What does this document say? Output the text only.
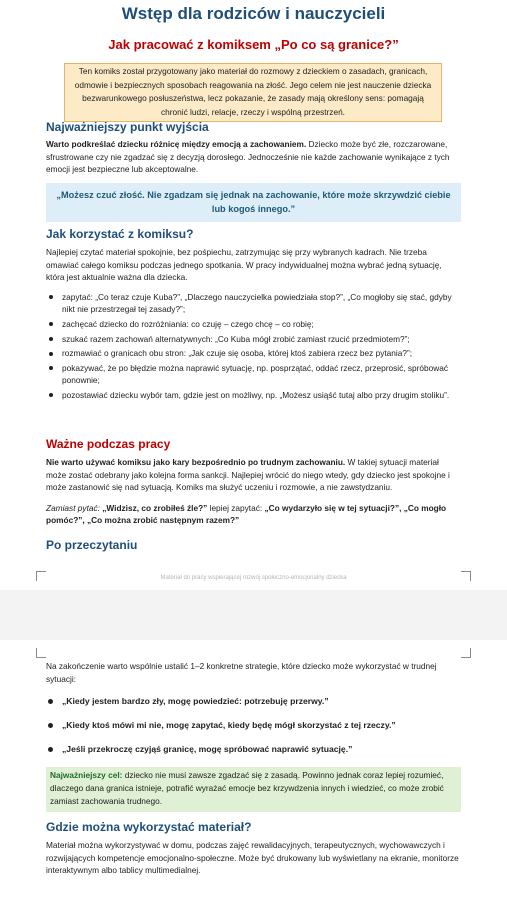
Wstęp dla rodziców i nauczycieli
Jak pracować z komiksem „Po co są granice?”
Ten komiks został przygotowany jako materiał do rozmowy z dzieckiem o zasadach, granicach, odmowie i bezpiecznych sposobach reagowania na złość. Jego celem nie jest nauczenie dziecka bezwarunkowego posłuszeństwa, lecz pokazanie, że zasady mają określony sens: pomagają chronić ludzi, relacje, rzeczy i wspólną przestrzeń.
Najważniejszy punkt wyjścia
Warto podkreślać dziecku różnicę między emocją a zachowaniem. Dziecko może być złe, rozczarowane, sfrustrowane czy nie zgadzać się z decyzją dorosłego. Jednocześnie nie każde zachowanie wynikające z tych emocji jest bezpieczne lub akceptowalne.
„Możesz czuć złość. Nie zgadzam się jednak na zachowanie, które może skrzywdzić ciebie lub kogoś innego.”
Jak korzystać z komiksu?
Najlepiej czytać materiał spokojnie, bez pośpiechu, zatrzymując się przy wybranych kadrach. Nie trzeba omawiać całego komiksu podczas jednego spotkania. W pracy indywidualnej można wybrać jedną sytuację, która jest aktualnie ważna dla dziecka.
zapytać: „Co teraz czuje Kuba?”, „Dlaczego nauczycielka powiedziała stop?”, „Co mogłoby się stać, gdyby nikt nie przestrzegał tej zasady?”;
zachęcać dziecko do rozróżniania: co czuję – czego chcę – co robię;
szukać razem zachowań alternatywnych: „Co Kuba mógł zrobić zamiast rzucić przedmiotem?”;
rozmawiać o granicach obu stron: „Jak czuje się osoba, której ktoś zabiera rzecz bez pytania?”;
pokazywać, że po błędzie można naprawić sytuację, np. posprzątać, oddać rzecz, przeprosić, spróbować ponownie;
pozostawiać dziecku wybór tam, gdzie jest on możliwy, np. „Możesz usiąść tutaj albo przy drugim stoliku”.
Ważne podczas pracy
Nie warto używać komiksu jako kary bezpośrednio po trudnym zachowaniu. W takiej sytuacji materiał może zostać odebrany jako kolejna forma sankcji. Najlepiej wrócić do niego wtedy, gdy dziecko jest spokojne i może zastanowić się nad sytuacją. Komiks ma służyć uczeniu i rozmowie, a nie zawstydzaniu.
Zamiast pytać: „Widzisz, co zrobiłeś źle?” lepiej zapytać: „Co wydarzyło się w tej sytuacji?”, „Co mogło pomóc?”, „Co można zrobić następnym razem?”
Po przeczytaniu
Materiał do pracy wspierającej rozwój społeczno-emocjonalny dziecka
Na zakończenie warto wspólnie ustalić 1–2 konkretne strategie, które dziecko może wykorzystać w trudnej sytuacji:
„Kiedy jestem bardzo zły, mogę powiedzieć: potrzebuję przerwy.”
„Kiedy ktoś mówi mi nie, mogę zapytać, kiedy będę mógł skorzystać z tej rzeczy.”
„Jeśli przekroczę czyjąś granicę, mogę spróbować naprawić sytuację.”
Najważniejszy cel: dziecko nie musi zawsze zgadzać się z zasadą. Powinno jednak coraz lepiej rozumieć, dlaczego dana granica istnieje, potrafić wyrażać emocje bez krzywdzenia innych i wiedzieć, co może zrobić zamiast zachowania trudnego.
Gdzie można wykorzystać materiał?
Materiał można wykorzystywać w domu, podczas zajęć rewalidacyjnych, terapeutycznych, wychowawczych i rozwijających kompetencje emocjonalno-społeczne. Może być drukowany lub wyświetlany na ekranie, monitorze interaktywnym albo tablicy multimedialnej.
